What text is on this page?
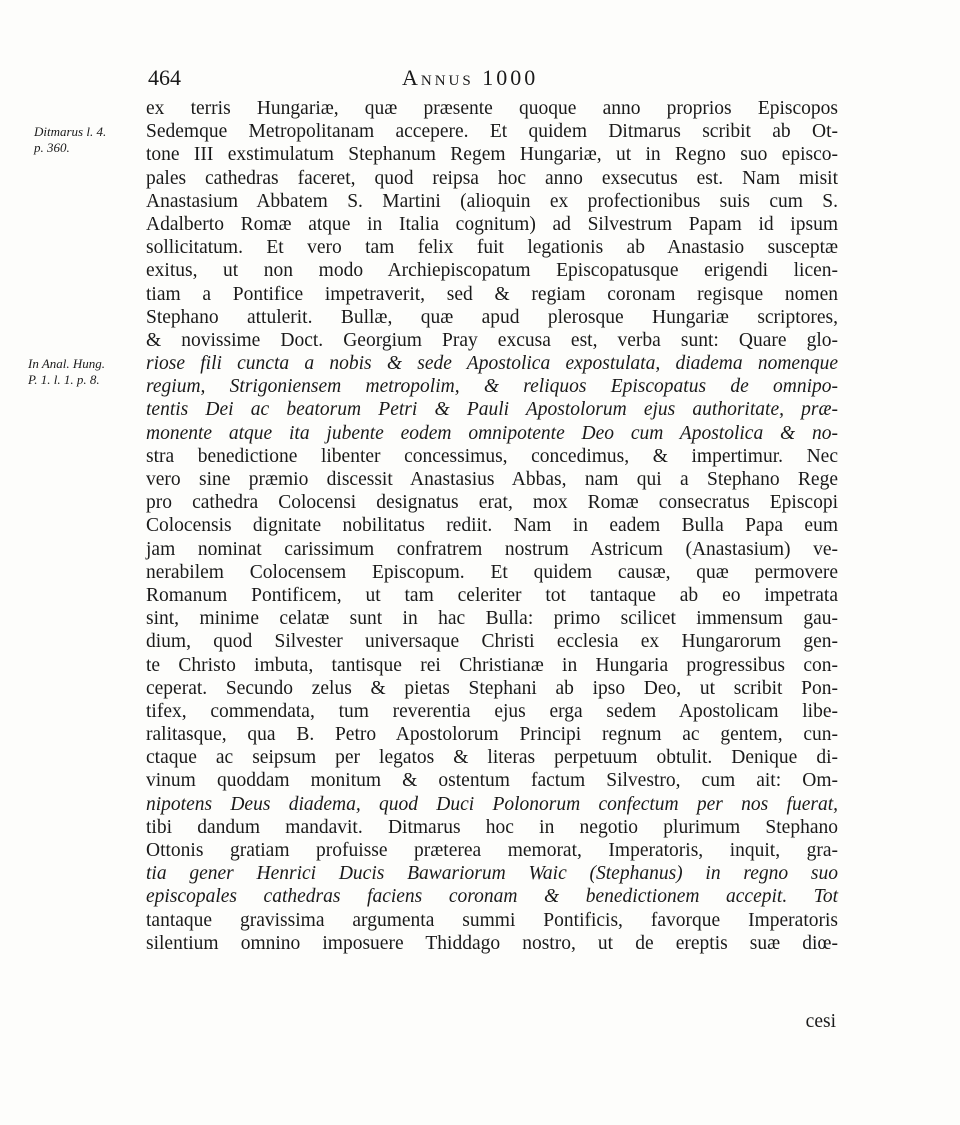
464	Annus 1000
Ditmarus l. 4.
p. 360.
In Anal. Hung.
P. 1. l. 1. p. 8.
ex terris Hungariæ, quæ præsente quoque anno proprios Episcopos
Sedemque Metropolitanam accepere. Et quidem Ditmarus scribit ab Ot-
tone III exstimulatum Stephanum Regem Hungariæ, ut in Regno suo episco-
pales cathedras faceret, quod reipsa hoc anno exsecutus est. Nam misit
Anastasium Abbatem S. Martini (alioquin ex profectionibus suis cum S.
Adalberto Romæ atque in Italia cognitum) ad Silvestrum Papam id ipsum
sollicitatum. Et vero tam felix fuit legationis ab Anastasio susceptæ
exitus, ut non modo Archiepiscopatum Episcopatusque erigendi licen-
tiam a Pontifice impetraverit, sed & regiam coronam regisque nomen
Stephano attulerit. Bullæ, quæ apud plerosque Hungariæ scriptores,
& novissime Doct. Georgium Pray excusa est, verba sunt: Quare glo-
riose fili cuncta a nobis & sede Apostolica expostulata, diadema nomenque
regium, Strigoniensem metropolim, & reliquos Episcopatus de omnipo-
tentis Dei ac beatorum Petri & Pauli Apostolorum ejus authoritate, præ-
monente atque ita jubente eodem omnipotente Deo cum Apostolica & no-
stra benedictione libenter concessimus, concedimus, & impertimur. Nec
vero sine præmio discessit Anastasius Abbas, nam qui a Stephano Rege
pro cathedra Colocensi designatus erat, mox Romæ consecratus Episcopi
Colocensis dignitate nobilitatus rediit. Nam in eadem Bulla Papa eum
jam nominat carissimum confratrem nostrum Astricum (Anastasium) ve-
nerabilem Colocensem Episcopum. Et quidem causæ, quæ permovere
Romanum Pontificem, ut tam celeriter tot tantaque ab eo impetrata
sint, minime celatæ sunt in hac Bulla: primo scilicet immensum gau-
dium, quod Silvester universaque Christi ecclesia ex Hungarorum gen-
te Christo imbuta, tantisque rei Christianæ in Hungaria progressibus con-
ceperat. Secundo zelus & pietas Stephani ab ipso Deo, ut scribit Pon-
tifex, commendata, tum reverentia ejus erga sedem Apostolicam libe-
ralitasque, qua B. Petro Apostolorum Principi regnum ac gentem, cun-
ctaque ac seipsum per legatos & literas perpetuum obtulit. Denique di-
vinum quoddam monitum & ostentum factum Silvestro, cum ait: Om-
nipotens Deus diadema, quod Duci Polonorum confectum per nos fuerat,
tibi dandum mandavit. Ditmarus hoc in negotio plurimum Stephano
Ottonis gratiam profuisse præterea memorat, Imperatoris, inquit, gra-
tia gener Henrici Ducis Bawariorum Waic (Stephanus) in regno suo
episcopales cathedras faciens coronam & benedictionem accepit. Tot
tantaque gravissima argumenta summi Pontificis, favorque Imperatoris
silentium omnino imposuere Thiddago nostro, ut de ereptis suæ diœ-
cesi
